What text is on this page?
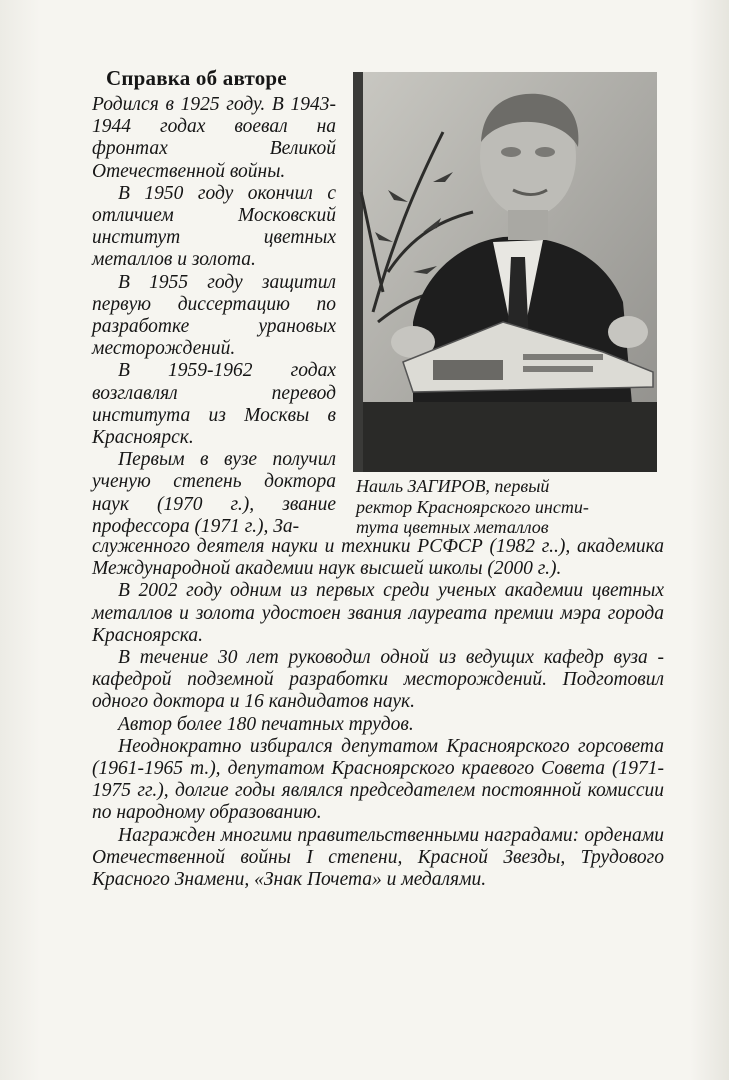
Справка об авторе

Родился в 1925 году. В 1943-1944 годах воевал на фронтах Великой Отечественной войны.

В 1950 году окончил с отличием Московский институт цветных металлов и золота.

В 1955 году защитил первую диссертацию по разработке урановых месторождений.

В 1959-1962 годах возглавлял перевод института из Москвы в Красноярск.

Первым в вузе получил ученую степень доктора наук (1970 г.), звание профессора (1971 г.), За-

Наиль ЗАГИРОВ, первый
ректор Красноярского инсти-
тута цветных металлов

служенного деятеля науки и техники РСФСР (1982 г..), академика Международной академии наук высшей школы (2000 г.).

В 2002 году одним из первых среди ученых академии цветных металлов и золота удостоен звания лауреата премии мэра города Красноярска.

В течение 30 лет руководил одной из ведущих кафедр вуза - кафедрой подземной разработки месторождений. Подготовил одного доктора и 16 кандидатов наук.

Автор более 180 печатных трудов.

Неоднократно избирался депутатом Красноярского горсовета (1961-1965 т.), депутатом Красноярского краевого Совета (1971-1975 гг.), долгие годы являлся председателем постоянной комиссии по народному образованию.

Награжден многими правительственными наградами: орденами Отечественной войны I степени, Красной Звезды, Трудового Красного Знамени, «Знак Почета» и медалями.
